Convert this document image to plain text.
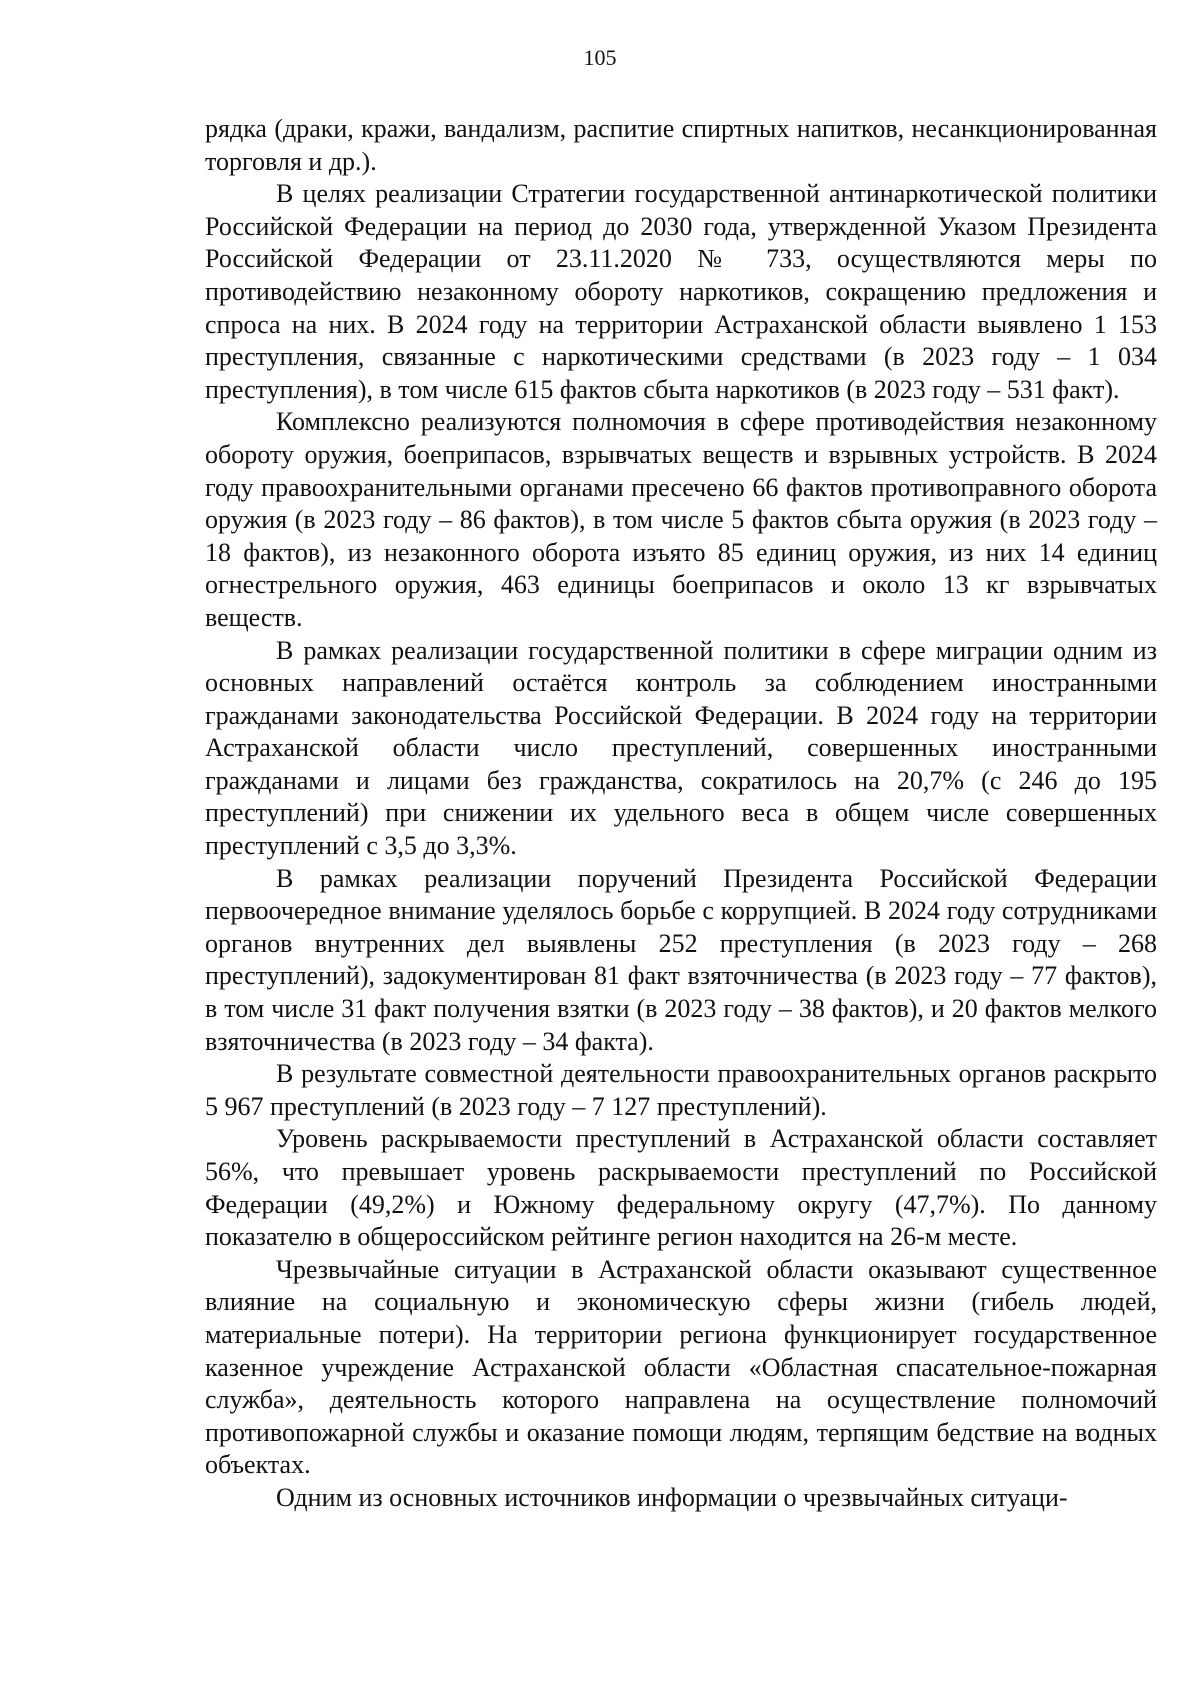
105

рядка (драки, кражи, вандализм, распитие спиртных напитков, несанкционированная торговля и др.).

В целях реализации Стратегии государственной антинаркотической политики Российской Федерации на период до 2030 года, утвержденной Указом Президента Российской Федерации от 23.11.2020 № 733, осуществляются меры по противодействию незаконному обороту наркотиков, сокращению предложения и спроса на них. В 2024 году на территории Астраханской области выявлено 1 153 преступления, связанные с наркотическими средствами (в 2023 году – 1 034 преступления), в том числе 615 фактов сбыта наркотиков (в 2023 году – 531 факт).

Комплексно реализуются полномочия в сфере противодействия незаконному обороту оружия, боеприпасов, взрывчатых веществ и взрывных устройств. В 2024 году правоохранительными органами пресечено 66 фактов противоправного оборота оружия (в 2023 году – 86 фактов), в том числе 5 фактов сбыта оружия (в 2023 году – 18 фактов), из незаконного оборота изъято 85 единиц оружия, из них 14 единиц огнестрельного оружия, 463 единицы боеприпасов и около 13 кг взрывчатых веществ.

В рамках реализации государственной политики в сфере миграции одним из основных направлений остаётся контроль за соблюдением иностранными гражданами законодательства Российской Федерации. В 2024 году на территории Астраханской области число преступлений, совершенных иностранными гражданами и лицами без гражданства, сократилось на 20,7% (с 246 до 195 преступлений) при снижении их удельного веса в общем числе совершенных преступлений с 3,5 до 3,3%.

В рамках реализации поручений Президента Российской Федерации первоочередное внимание уделялось борьбе с коррупцией. В 2024 году сотрудниками органов внутренних дел выявлены 252 преступления (в 2023 году – 268 преступлений), задокументирован 81 факт взяточничества (в 2023 году – 77 фактов), в том числе 31 факт получения взятки (в 2023 году – 38 фактов), и 20 фактов мелкого взяточничества (в 2023 году – 34 факта).

В результате совместной деятельности правоохранительных органов раскрыто 5 967 преступлений (в 2023 году – 7 127 преступлений).

Уровень раскрываемости преступлений в Астраханской области составляет 56%, что превышает уровень раскрываемости преступлений по Российской Федерации (49,2%) и Южному федеральному округу (47,7%). По данному показателю в общероссийском рейтинге регион находится на 26-м месте.

Чрезвычайные ситуации в Астраханской области оказывают существенное влияние на социальную и экономическую сферы жизни (гибель людей, материальные потери). На территории региона функционирует государственное казенное учреждение Астраханской области «Областная спасательное-пожарная служба», деятельность которого направлена на осуществление полномочий противопожарной службы и оказание помощи людям, терпящим бедствие на водных объектах.

Одним из основных источников информации о чрезвычайных ситуаци-
